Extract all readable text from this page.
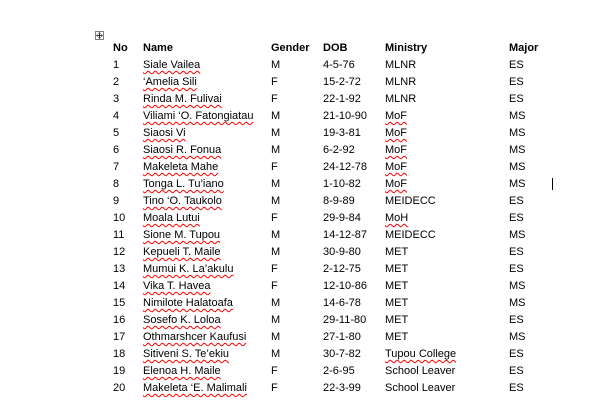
No	Name	Gender	DOB	Ministry	Major
1	Siale Vailea	M	4-5-76	MLNR	ES
2	‘Amelia Sili	F	15-2-72	MLNR	ES
3	Rinda M. Fulivai	F	22-1-92	MLNR	ES
4	Viliami ‘O. Fatongiatau	M	21-10-90	MoF	MS
5	Siaosi Vi	M	19-3-81	MoF	MS
6	Siaosi R. Fonua	M	6-2-92	MoF	MS
7	Makeleta Mahe	F	24-12-78	MoF	MS
8	Tonga L. Tu’iano	M	1-10-82	MoF	MS
9	Tino ‘O. Taukolo	M	8-9-89	MEIDECC	ES
10	Moala Lutui	F	29-9-84	MoH	ES
11	Sione M. Tupou	M	14-12-87	MEIDECC	MS
12	Kepueli T. Maile	M	30-9-80	MET	ES
13	Mumui K. La’akulu	F	2-12-75	MET	ES
14	Vika T. Havea	F	12-10-86	MET	MS
15	Nimilote Halatoafa	M	14-6-78	MET	MS
16	Sosefo K. Loloa	M	29-11-80	MET	ES
17	Othmarshcer Kaufusi	M	27-1-80	MET	MS
18	Sitiveni S. Te’ekiu	M	30-7-82	Tupou College	ES
19	Elenoa H. Maile	F	2-6-95	School Leaver	ES
20	Makeleta ‘E. Malimali	F	22-3-99	School Leaver	ES
